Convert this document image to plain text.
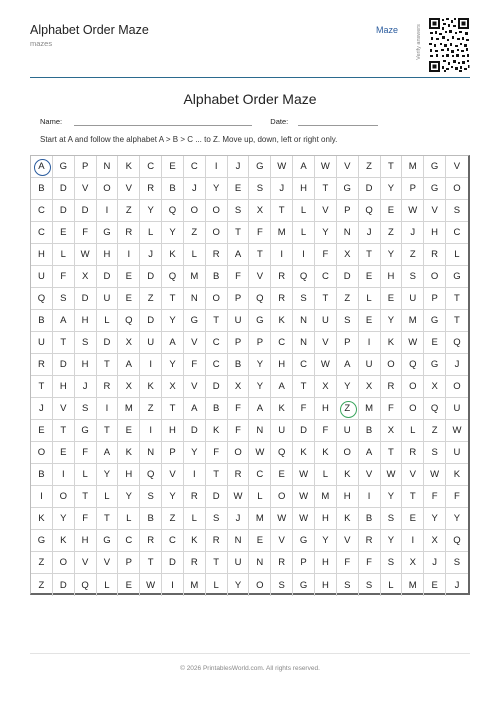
Alphabet Order Maze
mazes
Maze	Verify answers
Alphabet Order Maze
Name:	Date:
Start at A and follow the alphabet A > B > C ... to Z. Move up, down, left or right only.
A	G	P	N	K	C	E	C	I	J	G	W	A	W	V	Z	T	M	G	V
B	D	V	O	V	R	B	J	Y	E	S	J	H	T	G	D	Y	P	G	O
C	D	D	I	Z	Y	Q	O	O	S	X	T	L	V	P	Q	E	W	V	S
C	E	F	G	R	L	Y	Z	O	T	F	M	L	Y	N	J	Z	J	H	C
H	L	W	H	I	J	K	L	R	A	T	I	I	F	X	T	Y	Z	R	L
U	F	X	D	E	D	Q	M	B	F	V	R	Q	C	D	E	H	S	O	G
Q	S	D	U	E	Z	T	N	O	P	Q	R	S	T	Z	L	E	U	P	T
B	A	H	L	Q	D	Y	G	T	U	G	K	N	U	S	E	Y	M	G	T
U	T	S	D	X	U	A	V	C	P	P	C	N	V	P	I	K	W	E	Q
R	D	H	T	A	I	Y	F	C	B	Y	H	C	W	A	U	O	Q	G	J
T	H	J	R	X	K	X	V	D	X	Y	A	T	X	Y	X	R	O	X	O
J	V	S	I	M	Z	T	A	B	F	A	K	F	H	Z	M	F	O	Q	U
E	T	G	T	E	I	H	D	K	F	N	U	D	F	U	B	X	L	Z	W
O	E	F	A	K	N	P	Y	F	O	W	Q	K	K	O	A	T	R	S	U
B	I	L	Y	H	Q	V	I	T	R	C	E	W	L	K	V	W	V	W	K
I	O	T	L	Y	S	Y	R	D	W	L	O	W	M	H	I	Y	T	F	F
K	Y	F	T	L	B	Z	L	S	J	M	W	W	H	K	B	S	E	Y	Y
G	K	H	G	C	R	C	K	R	N	E	V	G	Y	V	R	Y	I	X	Q
Z	O	V	V	P	T	D	R	T	U	N	R	P	H	F	F	S	X	J	S
Z	D	Q	L	E	W	I	M	L	Y	O	S	G	H	S	S	L	M	E	J
© 2026 PrintablesWorld.com. All rights reserved.
